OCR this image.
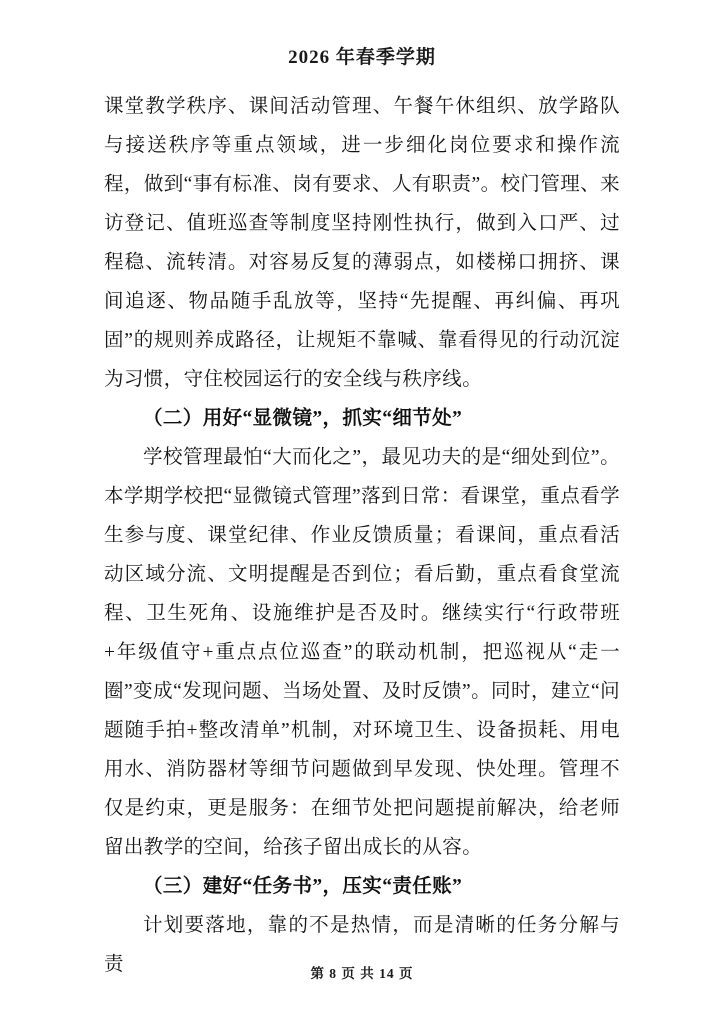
2026 年春季学期

课堂教学秩序、课间活动管理、午餐午休组织、放学路队与接送秩序等重点领域，进一步细化岗位要求和操作流程，做到“事有标准、岗有要求、人有职责”。校门管理、来访登记、值班巡查等制度坚持刚性执行，做到入口严、过程稳、流转清。对容易反复的薄弱点，如楼梯口拥挤、课间追逐、物品随手乱放等，坚持“先提醒、再纠偏、再巩固”的规则养成路径，让规矩不靠喊、靠看得见的行动沉淀为习惯，守住校园运行的安全线与秩序线。

（二）用好“显微镜”，抓实“细节处”

学校管理最怕“大而化之”，最见功夫的是“细处到位”。本学期学校把“显微镜式管理”落到日常：看课堂，重点看学生参与度、课堂纪律、作业反馈质量；看课间，重点看活动区域分流、文明提醒是否到位；看后勤，重点看食堂流程、卫生死角、设施维护是否及时。继续实行“行政带班+年级值守+重点点位巡查”的联动机制，把巡视从“走一圈”变成“发现问题、当场处置、及时反馈”。同时，建立“问题随手拍+整改清单”机制，对环境卫生、设备损耗、用电用水、消防器材等细节问题做到早发现、快处理。管理不仅是约束，更是服务：在细节处把问题提前解决，给老师留出教学的空间，给孩子留出成长的从容。

（三）建好“任务书”，压实“责任账”

计划要落地，靠的不是热情，而是清晰的任务分解与责	第 8 页 共 14 页
